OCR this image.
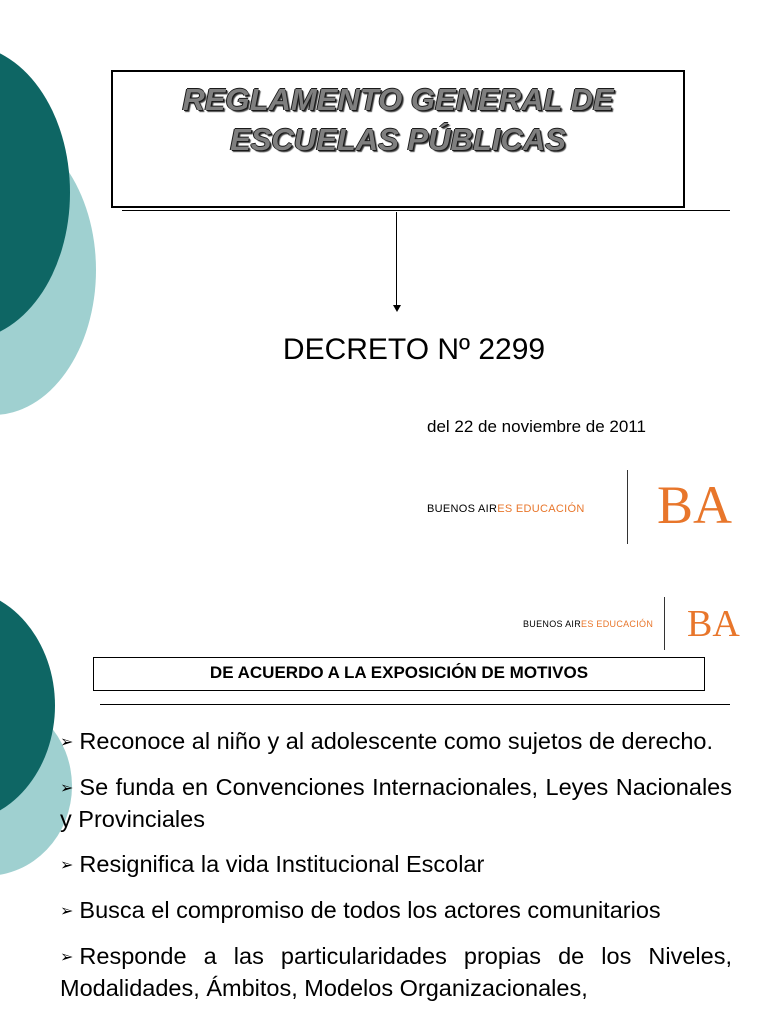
REGLAMENTO GENERAL DE
ESCUELAS PÚBLICAS

DECRETO Nº 2299
del 22 de noviembre de 2011
BUENOS AIRES EDUCACIÓN BA
BUENOS AIRES EDUCACIÓN BA
DE ACUERDO A LA EXPOSICIÓN DE MOTIVOS
➢ Reconoce al niño y al adolescente como sujetos de derecho.
➢ Se funda en Convenciones Internacionales, Leyes Nacionales y Provinciales
➢ Resignifica la vida Institucional Escolar
➢ Busca el compromiso de todos los actores comunitarios
➢ Responde a las particularidades propias de los Niveles, Modalidades, Ámbitos, Modelos Organizacionales,
